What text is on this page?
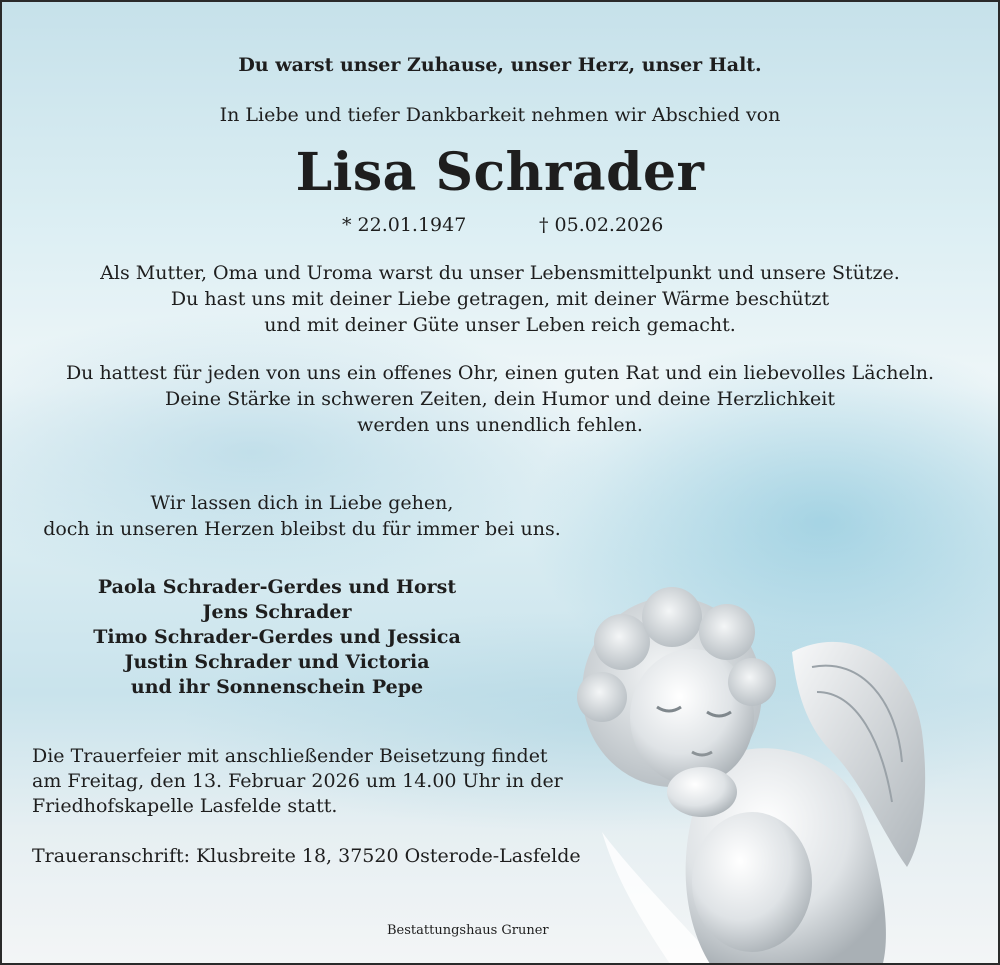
Du warst unser Zuhause, unser Herz, unser Halt.

In Liebe und tiefer Dankbarkeit nehmen wir Abschied von

Lisa Schrader
* 22.01.1947	† 05.02.2026
Als Mutter, Oma und Uroma warst du unser Lebensmittelpunkt und unsere Stütze.
Du hast uns mit deiner Liebe getragen, mit deiner Wärme beschützt
und mit deiner Güte unser Leben reich gemacht.
Du hattest für jeden von uns ein offenes Ohr, einen guten Rat und ein liebevolles Lächeln.
Deine Stärke in schweren Zeiten, dein Humor und deine Herzlichkeit
werden uns unendlich fehlen.
Wir lassen dich in Liebe gehen,
doch in unseren Herzen bleibst du für immer bei uns.
Paola Schrader-Gerdes und Horst
Jens Schrader
Timo Schrader-Gerdes und Jessica
Justin Schrader und Victoria
und ihr Sonnenschein Pepe
Die Trauerfeier mit anschließender Beisetzung findet
am Freitag, den 13. Februar 2026 um 14.00 Uhr in der
Friedhofskapelle Lasfelde statt.
Traueranschrift: Klusbreite 18, 37520 Osterode-Lasfelde
Bestattungshaus Gruner
